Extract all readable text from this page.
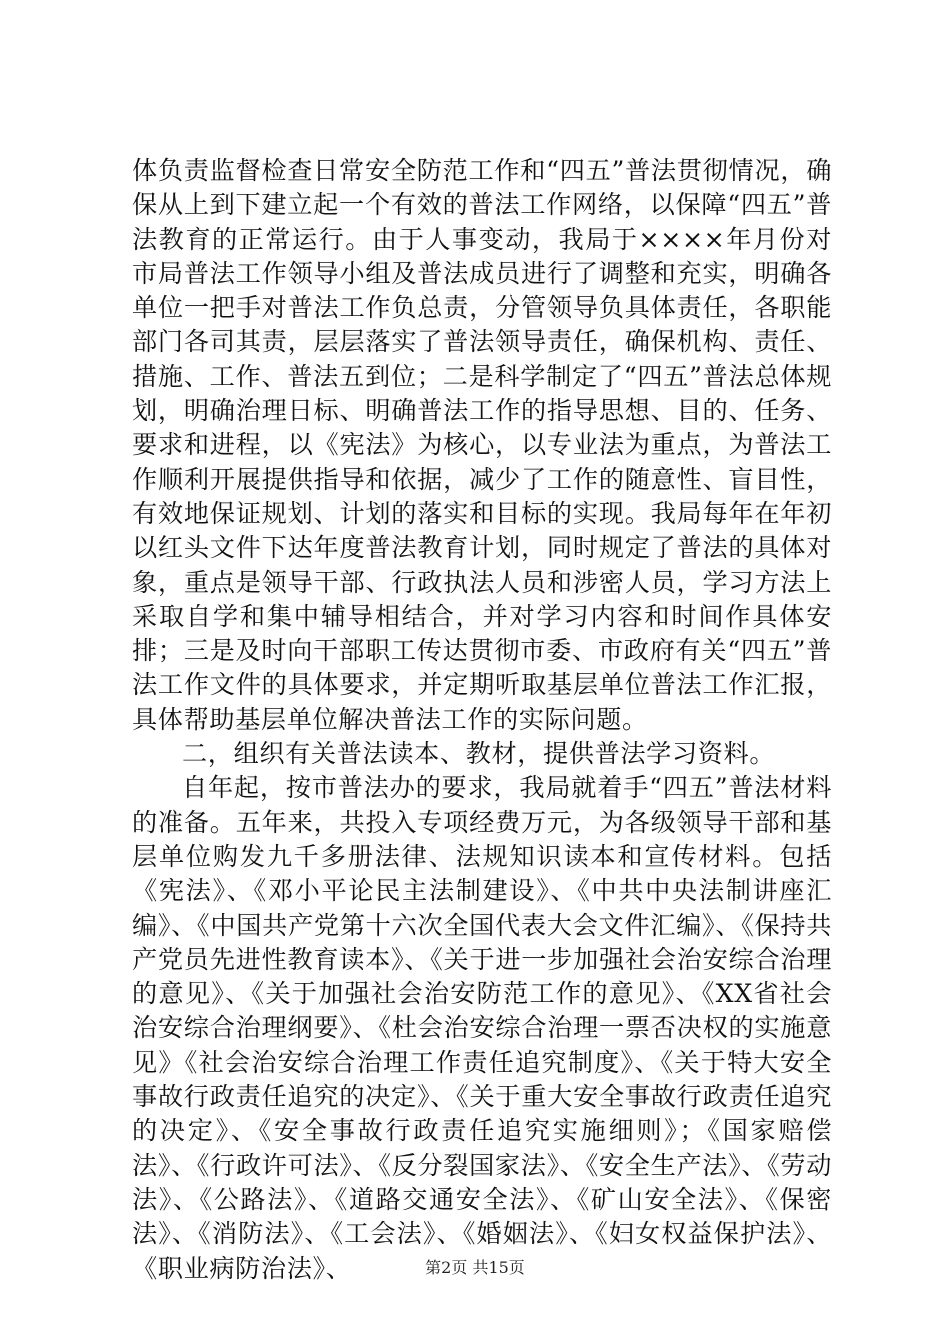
体负责监督检查日常安全防范工作和“四五”普法贯彻情况，确保从上到下建立起一个有效的普法工作网络，以保障“四五”普法教育的正常运行。由于人事变动，我局于××××年月份对市局普法工作领导小组及普法成员进行了调整和充实，明确各单位一把手对普法工作负总责，分管领导负具体责任，各职能部门各司其责，层层落实了普法领导责任，确保机构、责任、措施、工作、普法五到位；二是科学制定了“四五”普法总体规划，明确治理日标、明确普法工作的指导思想、目的、任务、要求和进程，以《宪法》为核心，以专业法为重点，为普法工作顺利开展提供指导和依据，减少了工作的随意性、盲目性，有效地保证规划、计划的落实和目标的实现。我局每年在年初以红头文件下达年度普法教育计划，同时规定了普法的具体对象，重点是领导干部、行政执法人员和涉密人员，学习方法上采取自学和集中辅导相结合，并对学习内容和时间作具体安排；三是及时向干部职工传达贯彻市委、市政府有关“四五”普法工作文件的具体要求，并定期听取基层单位普法工作汇报，具体帮助基层单位解决普法工作的实际问题。

二，组织有关普法读本、教材，提供普法学习资料。

自年起，按市普法办的要求，我局就着手“四五”普法材料的准备。五年来，共投入专项经费万元，为各级领导干部和基层单位购发九千多册法律、法规知识读本和宣传材料。包括《宪法》、《邓小平论民主法制建设》、《中共中央法制讲座汇编》、《中国共产党第十六次全国代表大会文件汇编》、《保持共产党员先进性教育读本》、《关于进一步加强社会治安综合治理的意见》、《关于加强社会治安防范工作的意见》、《XX省社会治安综合治理纲要》、《杜会治安综合治理一票否决权的实施意见》《社会治安综合治理工作责任追究制度》、《关于特大安全事故行政责任追究的决定》、《关于重大安全事故行政责任追究的决定》、《安全事故行政责任追究实施细则》；《国家赔偿法》、《行政许可法》、《反分裂国家法》、《安全生产法》、《劳动法》、《公路法》、《道路交通安全法》、《矿山安全法》、《保密法》、《消防法》、《工会法》、《婚姻法》、《妇女权益保护法》、《职业病防治法》、	第2页 共15页
